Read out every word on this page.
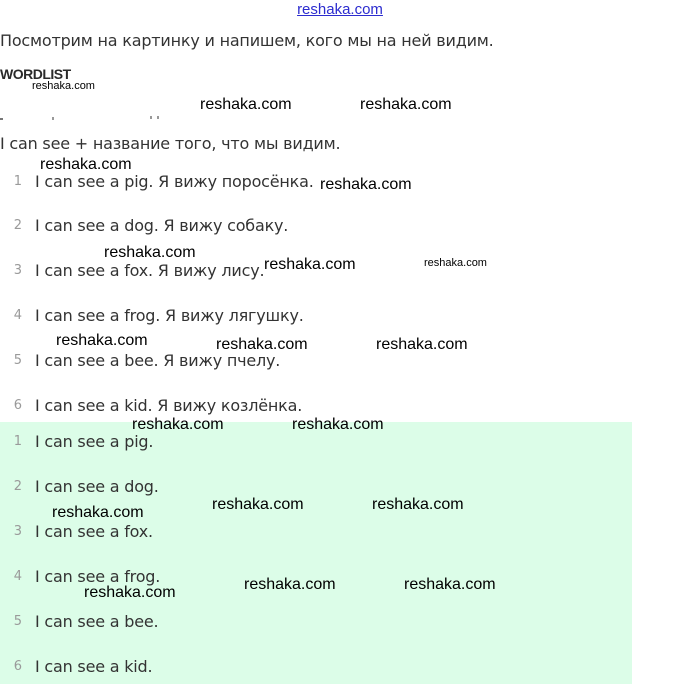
reshaka.com
Посмотрим на картинку и напишем, кого мы на ней видим.
WORDLIST
I can see + название того, что мы видим.
1 I can see a pig. Я вижу поросёнка.
2 I can see a dog. Я вижу собаку.
3 I can see a fox. Я вижу лису.
4 I can see a frog. Я вижу лягушку.
5 I can see a bee. Я вижу пчелу.
6 I can see a kid. Я вижу козлёнка.
1 I can see a pig.
2 I can see a dog.
3 I can see a fox.
4 I can see a frog.
5 I can see a bee.
6 I can see a kid.
reshaka.com
reshaka.com	reshaka.com
reshaka.com
reshaka.com
reshaka.com
reshaka.com	reshaka.com
reshaka.com	reshaka.com	reshaka.com
reshaka.com	reshaka.com
reshaka.com	reshaka.com
reshaka.com
reshaka.com	reshaka.com
reshaka.com
